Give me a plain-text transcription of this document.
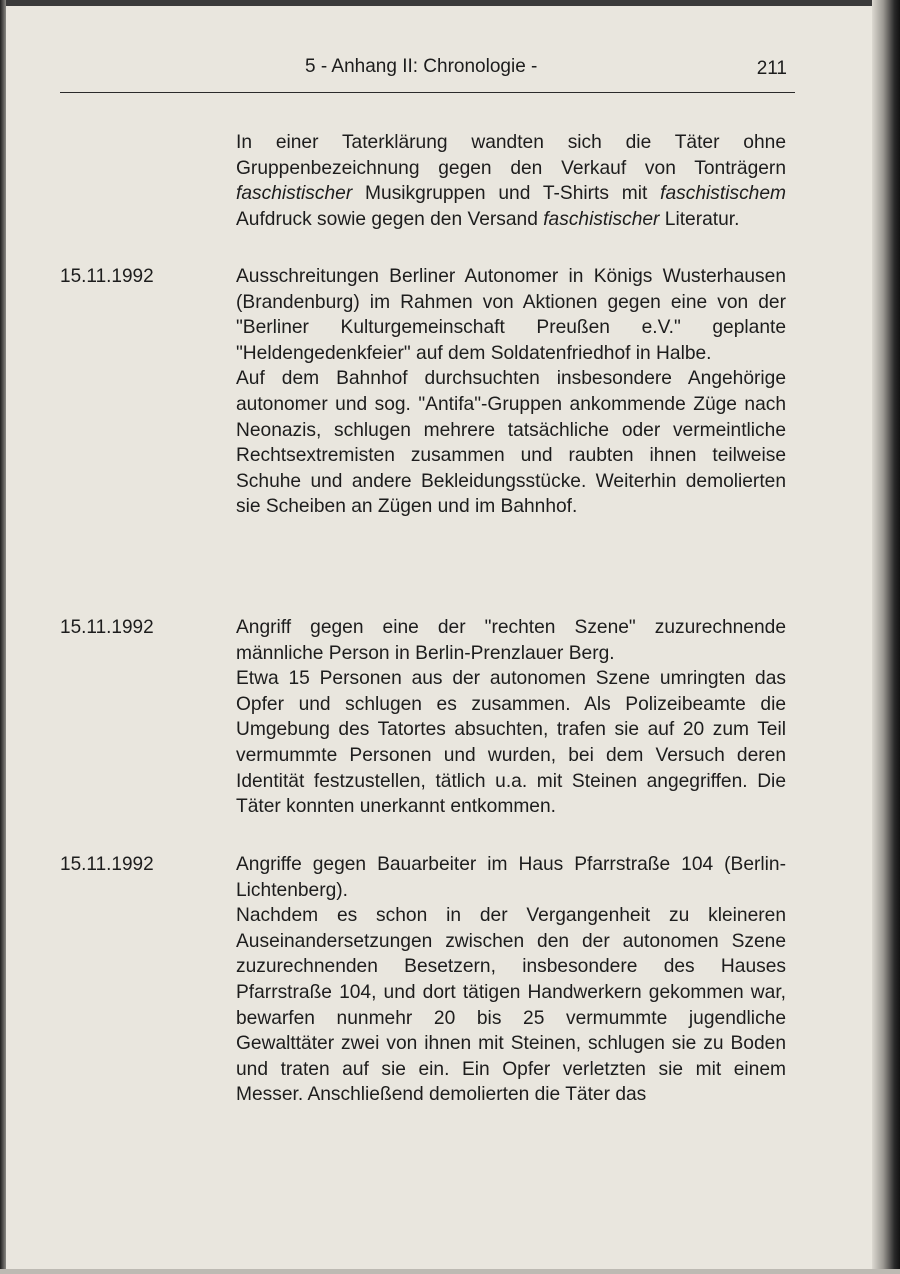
5 - Anhang II: Chronologie -	211
In einer Taterklärung wandten sich die Täter ohne Gruppenbezeichnung gegen den Verkauf von Tonträgern faschistischer Musikgruppen und T-Shirts mit faschistischem Aufdruck sowie gegen den Versand faschistischer Literatur.
15.11.1992	Ausschreitungen Berliner Autonomer in Königs Wusterhausen (Brandenburg) im Rahmen von Aktionen gegen eine von der "Berliner Kulturgemeinschaft Preußen e.V." geplante "Heldengedenkfeier" auf dem Soldatenfriedhof in Halbe.

Auf dem Bahnhof durchsuchten insbesondere Angehörige autonomer und sog. "Antifa"-Gruppen ankommende Züge nach Neonazis, schlugen mehrere tatsächliche oder vermeintliche Rechtsextremisten zusammen und raubten ihnen teilweise Schuhe und andere Bekleidungsstücke. Weiterhin demolierten sie Scheiben an Zügen und im Bahnhof.

15.11.1992	Angriff gegen eine der "rechten Szene" zuzurechnende männliche Person in Berlin-Prenzlauer Berg.

Etwa 15 Personen aus der autonomen Szene umringten das Opfer und schlugen es zusammen. Als Polizeibeamte die Umgebung des Tatortes absuchten, trafen sie auf 20 zum Teil vermummte Personen und wurden, bei dem Versuch deren Identität festzustellen, tätlich u.a. mit Steinen angegriffen. Die Täter konnten unerkannt entkommen.

15.11.1992	Angriffe gegen Bauarbeiter im Haus Pfarrstraße 104 (Berlin-Lichtenberg).

Nachdem es schon in der Vergangenheit zu kleineren Auseinandersetzungen zwischen den der autonomen Szene zuzurechnenden Besetzern, insbesondere des Hauses Pfarrstraße 104, und dort tätigen Handwerkern gekommen war, bewarfen nunmehr 20 bis 25 vermummte jugendliche Gewalttäter zwei von ihnen mit Steinen, schlugen sie zu Boden und traten auf sie ein. Ein Opfer verletzten sie mit einem Messer. Anschließend demolierten die Täter das
